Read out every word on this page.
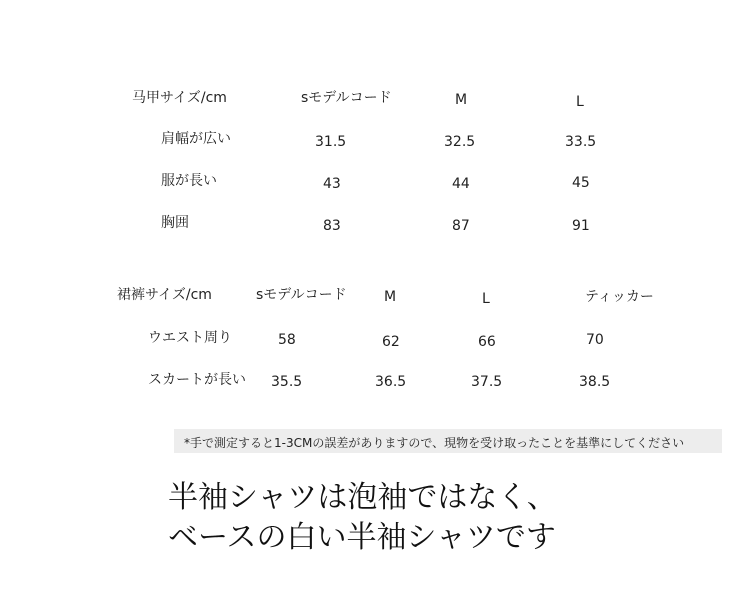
马甲サイズ/cm	sモデルコード	M	L
肩幅が広い	31.5	32.5	33.5
服が長い	43	44	45
胸囲	83	87	91
裙裤サイズ/cm	sモデルコード	M	L	ティッカー
ウエスト周り	58	62	66	70
スカートが長い 35.5	36.5	37.5	38.5
*手で測定すると1-3CMの誤差がありますので、現物を受け取ったことを基準にしてください
半袖シャツは泡袖ではなく、
ベースの白い半袖シャツです
